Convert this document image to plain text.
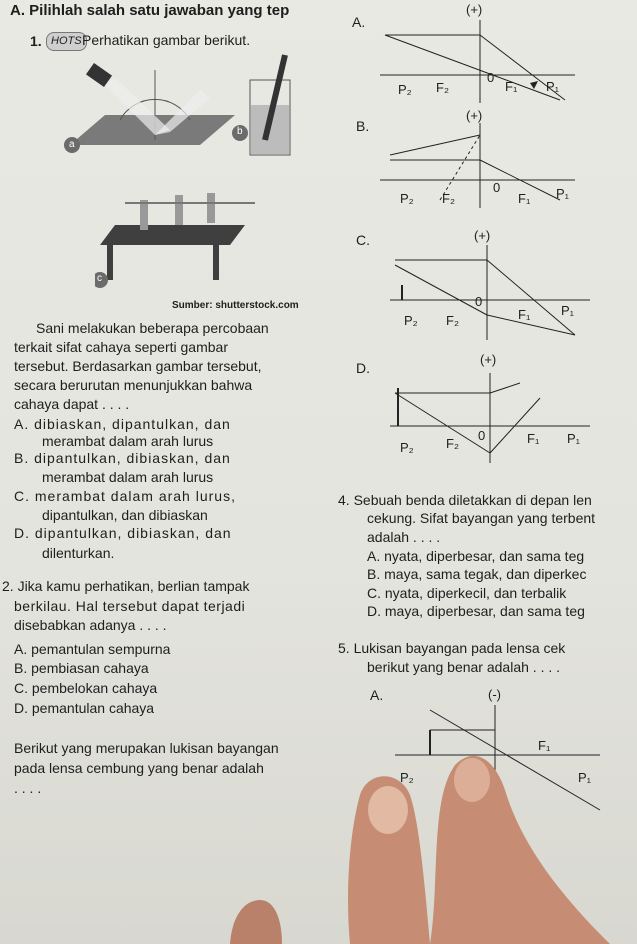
A. Pilihlah salah satu jawaban yang tep
1. HOTS Perhatikan gambar berikut.
a
b
c
Sumber: shutterstock.com
Sani melakukan beberapa percobaan
terkait sifat cahaya seperti gambar
tersebut. Berdasarkan gambar tersebut,
secara berurutan menunjukkan bahwa
cahaya dapat . . . .
A. dibiaskan, dipantulkan, dan
merambat dalam arah lurus
B. dipantulkan, dibiaskan, dan
merambat dalam arah lurus
C. merambat dalam arah lurus,
dipantulkan, dan dibiaskan
D. dipantulkan, dibiaskan, dan
dilenturkan.
2. Jika kamu perhatikan, berlian tampak
berkilau. Hal tersebut dapat terjadi
disebabkan adanya . . . .
A. pemantulan sempurna
B. pembiasan cahaya
C. pembelokan cahaya
D. pemantulan cahaya
Berikut yang merupakan lukisan bayangan
pada lensa cembung yang benar adalah
. . . .
A.
(+)
P₂ F₂
0
F₁ P₁
B.
(+)
P₂ F₂
0
F₁ P₁
C.	(+)
P₂ F₂
0
F₁ P₁
D.
(+)
P₂ F₂
0	F₁ P₁
4. Sebuah benda diletakkan di depan len
cekung. Sifat bayangan yang terbent
adalah . . . .
A. nyata, diperbesar, dan sama teg
B. maya, sama tegak, dan diperkec
C. nyata, diperkecil, dan terbalik
D. maya, diperbesar, dan sama teg
5. Lukisan bayangan pada lensa cek
berikut yang benar adalah . . . .
A.	(-)
F₁
P₂	P₁
